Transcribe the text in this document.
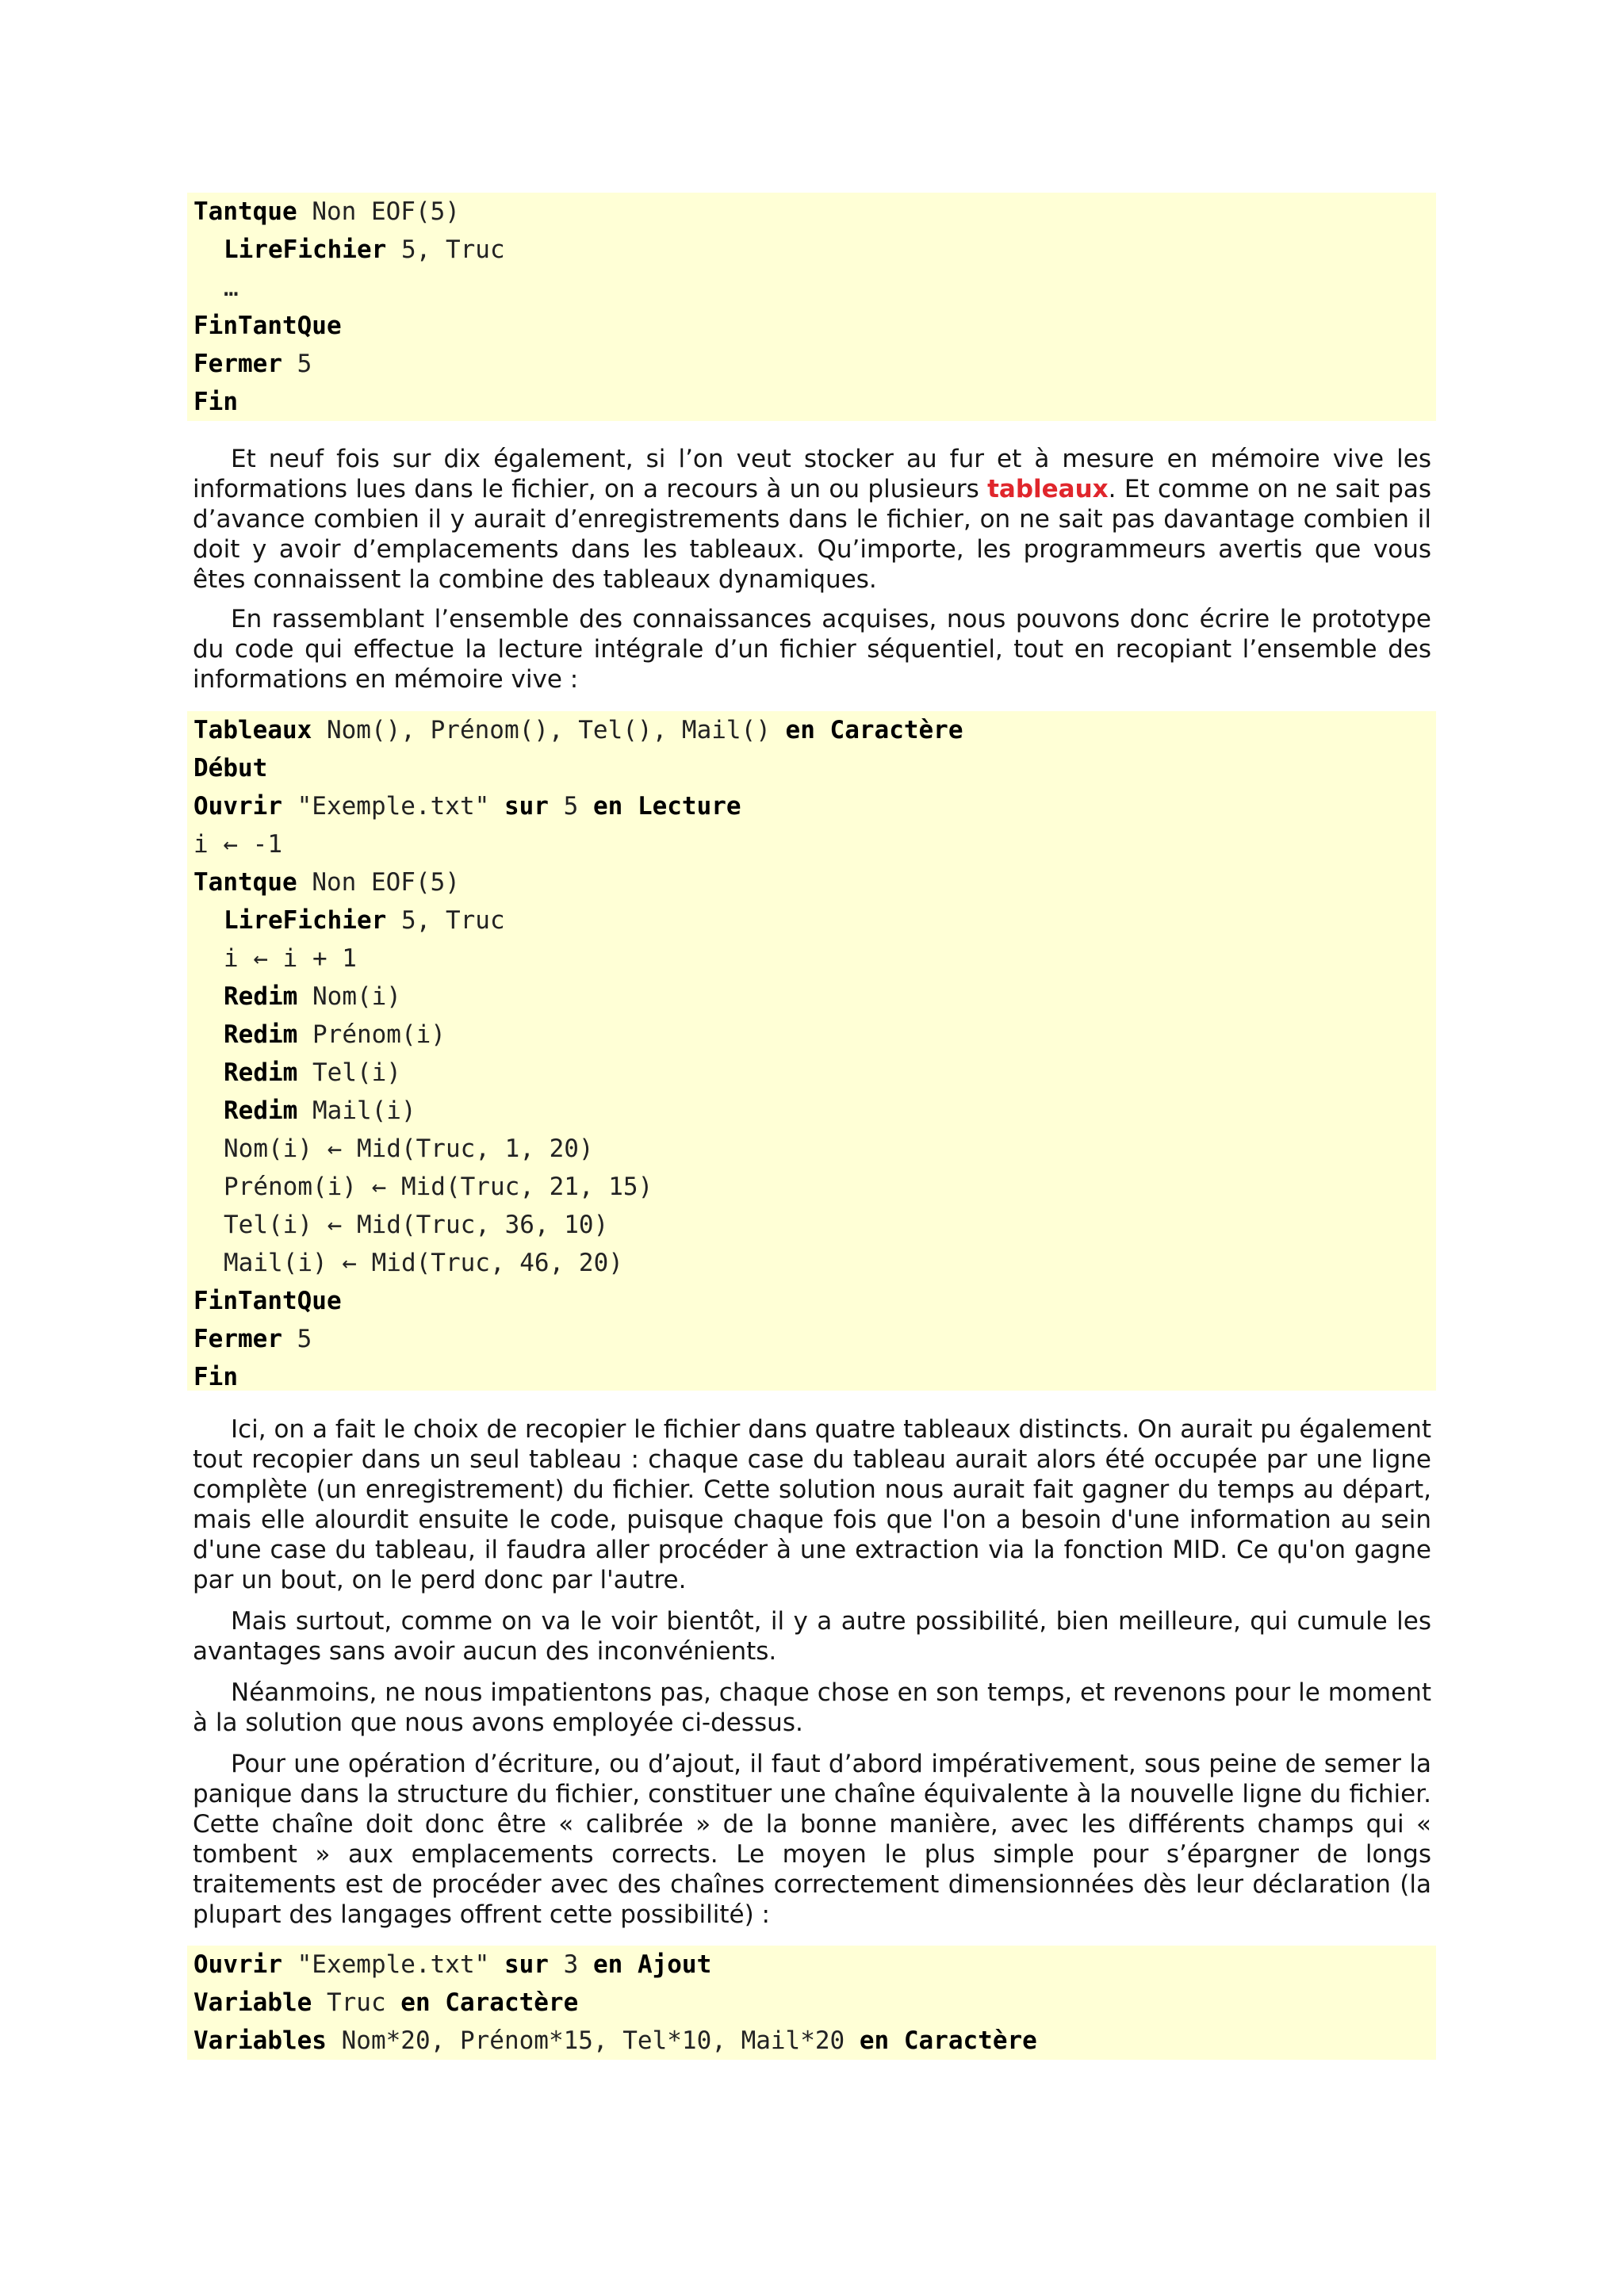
Tantque Non EOF(5)
LireFichier 5, Truc
…
FinTantQue
Fermer 5
Fin

Et neuf fois sur dix également, si l’on veut stocker au fur et à mesure en mémoire vive les informations lues dans le fichier, on a recours à un ou plusieurs tableaux. Et comme on ne sait pas d’avance combien il y aurait d’enregistrements dans le fichier, on ne sait pas davantage combien il doit y avoir d’emplacements dans les tableaux. Qu’importe, les programmeurs avertis que vous êtes connaissent la combine des tableaux dynamiques.

En rassemblant l’ensemble des connaissances acquises, nous pouvons donc écrire le prototype du code qui effectue la lecture intégrale d’un fichier séquentiel, tout en recopiant l’ensemble des informations en mémoire vive :

Tableaux Nom(), Prénom(), Tel(), Mail() en Caractère
Début
Ouvrir "Exemple.txt" sur 5 en Lecture
i ← -1
Tantque Non EOF(5)
LireFichier 5, Truc
i ← i + 1
Redim Nom(i)
Redim Prénom(i)
Redim Tel(i)
Redim Mail(i)
Nom(i) ← Mid(Truc, 1, 20)
Prénom(i) ← Mid(Truc, 21, 15)
Tel(i) ← Mid(Truc, 36, 10)
Mail(i) ← Mid(Truc, 46, 20)
FinTantQue
Fermer 5
Fin

Ici, on a fait le choix de recopier le fichier dans quatre tableaux distincts. On aurait pu également tout recopier dans un seul tableau : chaque case du tableau aurait alors été occupée par une ligne complète (un enregistrement) du fichier. Cette solution nous aurait fait gagner du temps au départ, mais elle alourdit ensuite le code, puisque chaque fois que l'on a besoin d'une information au sein d'une case du tableau, il faudra aller procéder à une extraction via la fonction MID. Ce qu'on gagne par un bout, on le perd donc par l'autre.

Mais surtout, comme on va le voir bientôt, il y a autre possibilité, bien meilleure, qui cumule les avantages sans avoir aucun des inconvénients.

Néanmoins, ne nous impatientons pas, chaque chose en son temps, et revenons pour le moment à la solution que nous avons employée ci-dessus.

Pour une opération d’écriture, ou d’ajout, il faut d’abord impérativement, sous peine de semer la panique dans la structure du fichier, constituer une chaîne équivalente à la nouvelle ligne du fichier. Cette chaîne doit donc être « calibrée » de la bonne manière, avec les différents champs qui « tombent » aux emplacements corrects. Le moyen le plus simple pour s’épargner de longs traitements est de procéder avec des chaînes correctement dimensionnées dès leur déclaration (la plupart des langages offrent cette possibilité) :

Ouvrir "Exemple.txt" sur 3 en Ajout
Variable Truc en Caractère
Variables Nom*20, Prénom*15, Tel*10, Mail*20 en Caractère
